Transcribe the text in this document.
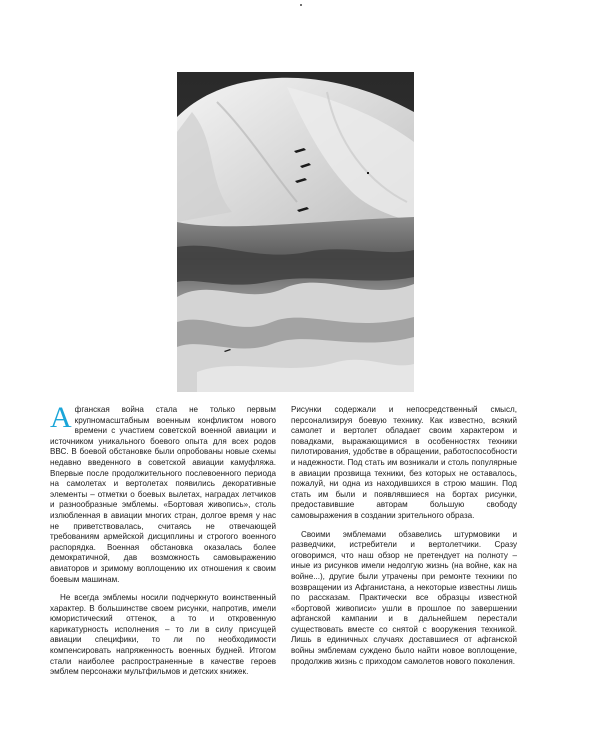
Афганская война стала не только первым крупномасштабным военным конфликтом нового времени с участием советской военной авиации и источником уникального боевого опыта для всех родов ВВС. В боевой обстановке были опробованы новые схемы недавно введенного в советской авиации камуфляжа. Впервые после продолжительного послевоенного периода на самолетах и вертолетах появились декоративные элементы – отметки о боевых вылетах, наградах летчиков и разнообразные эмблемы. «Бортовая живопись», столь излюбленная в авиации многих стран, долгое время у нас не приветствовалась, считаясь не отвечающей требованиям армейской дисциплины и строгого военного распорядка. Военная обстановка оказалась более демократичной, дав возможность самовыражению авиаторов и зримому воплощению их отношения к своим боевым машинам.

Не всегда эмблемы носили подчеркнуто воинственный характер. В большинстве своем рисунки, напротив, имели юмористический оттенок, а то и откровенную карикатурность исполнения – то ли в силу присущей авиации специфики, то ли по необходимости компенсировать напряженность военных будней. Итогом стали наиболее распространенные в качестве героев эмблем персонажи мультфильмов и детских книжек.

Рисунки содержали и непосредственный смысл, персонализируя боевую технику. Как известно, всякий самолет и вертолет обладает своим характером и повадками, выражающимися в особенностях техники пилотирования, удобстве в обращении, работоспособности и надежности. Под стать им возникали и столь популярные в авиации прозвища техники, без которых не оставалось, пожалуй, ни одна из находившихся в строю машин. Под стать им были и появлявшиеся на бортах рисунки, предоставившие авторам большую свободу самовыражения в создании зрительного образа.

Своими эмблемами обзавелись штурмовики и разведчики, истребители и вертолетчики. Сразу оговоримся, что наш обзор не претендует на полноту – иные из рисунков имели недолгую жизнь (на войне, как на войне...), другие были утрачены при ремонте техники по возвращении из Афганистана, а некоторые известны лишь по рассказам. Практически все образцы известной «бортовой живописи» ушли в прошлое по завершении афганской кампании и в дальнейшем перестали существовать вместе со снятой с вооружения техникой. Лишь в единичных случаях доставшиеся от афганской войны эмблемам суждено было найти новое воплощение, продолжив жизнь с приходом самолетов нового поколения.
